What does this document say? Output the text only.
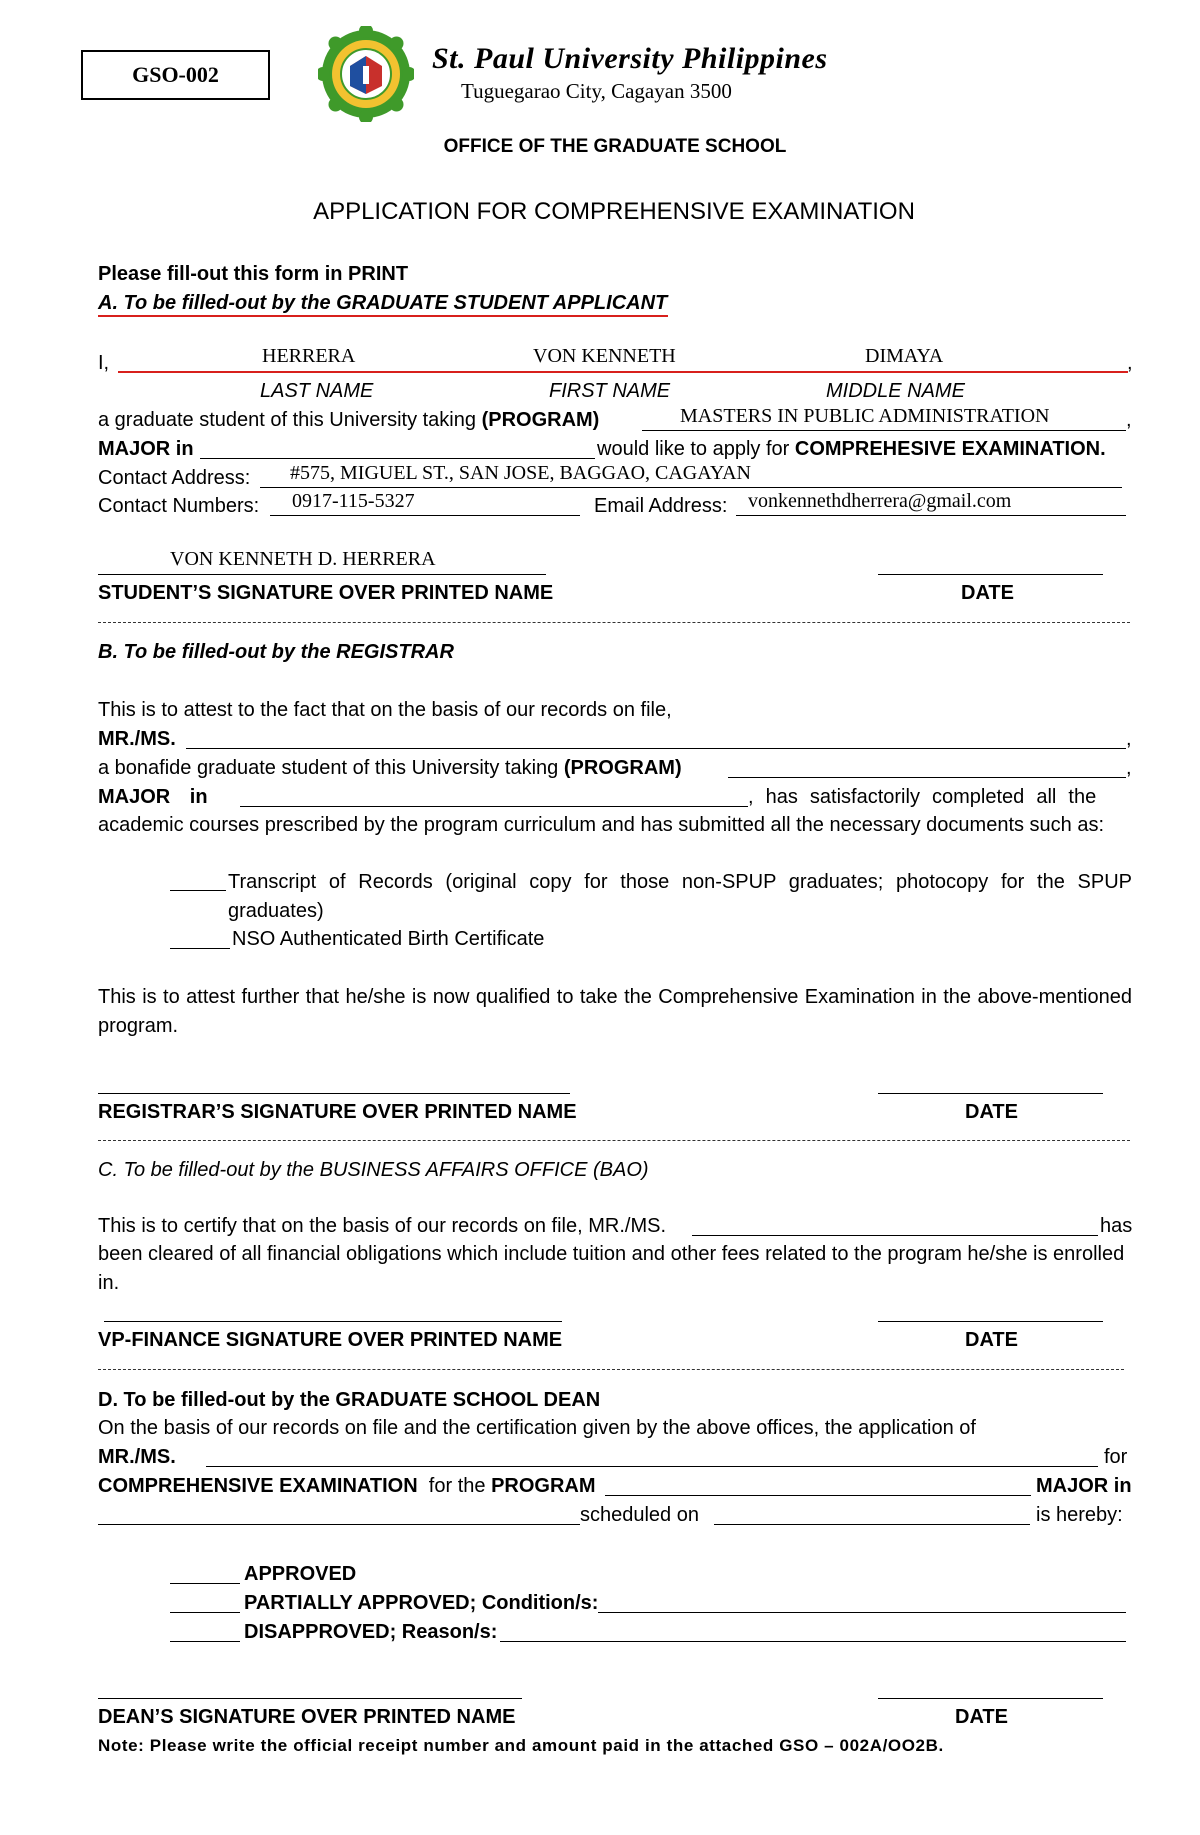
GSO-002	St. Paul University Philippines
Tuguegarao City, Cagayan 3500
OFFICE OF THE GRADUATE SCHOOL
APPLICATION FOR COMPREHENSIVE EXAMINATION
Please fill-out this form in PRINT
A. To be filled-out by the GRADUATE STUDENT APPLICANT
I,	HERRERA	VON KENNETH	DIMAYA	,
LAST NAME	FIRST NAME	MIDDLE NAME
a graduate student of this University taking (PROGRAM)	MASTERS IN PUBLIC ADMINISTRATION	,
MAJOR in	would like to apply for COMPREHESIVE EXAMINATION.
Contact Address: #575, MIGUEL ST., SAN JOSE, BAGGAO, CAGAYAN
Contact Numbers: 0917-115-5327	Email Address: vonkennethdherrera@gmail.com
VON KENNETH D. HERRERA
STUDENT’S SIGNATURE OVER PRINTED NAME	DATE
B. To be filled-out by the REGISTRAR
This is to attest to the fact that on the basis of our records on file,
MR./MS.	,
a bonafide graduate student of this University taking (PROGRAM)	,
MAJOR in	, has satisfactorily completed all the
academic courses prescribed by the program curriculum and has submitted all the necessary documents such as:
Transcript of Records (original copy for those non-SPUP graduates; photocopy for the SPUP graduates)
NSO Authenticated Birth Certificate
This is to attest further that he/she is now qualified to take the Comprehensive Examination in the above-mentioned program.
REGISTRAR’S SIGNATURE OVER PRINTED NAME	DATE
C. To be filled-out by the BUSINESS AFFAIRS OFFICE (BAO)
This is to certify that on the basis of our records on file, MR./MS.	has
been cleared of all financial obligations which include tuition and other fees related to the program he/she is enrolled in.
VP-FINANCE SIGNATURE OVER PRINTED NAME	DATE
D. To be filled-out by the GRADUATE SCHOOL DEAN
On the basis of our records on file and the certification given by the above offices, the application of
MR./MS.	for
COMPREHENSIVE EXAMINATION for the PROGRAM	MAJOR in
scheduled on	is hereby:
APPROVED
PARTIALLY APPROVED; Condition/s:
DISAPPROVED; Reason/s:
DEAN’S SIGNATURE OVER PRINTED NAME	DATE
Note: Please write the official receipt number and amount paid in the attached GSO – 002A/OO2B.
